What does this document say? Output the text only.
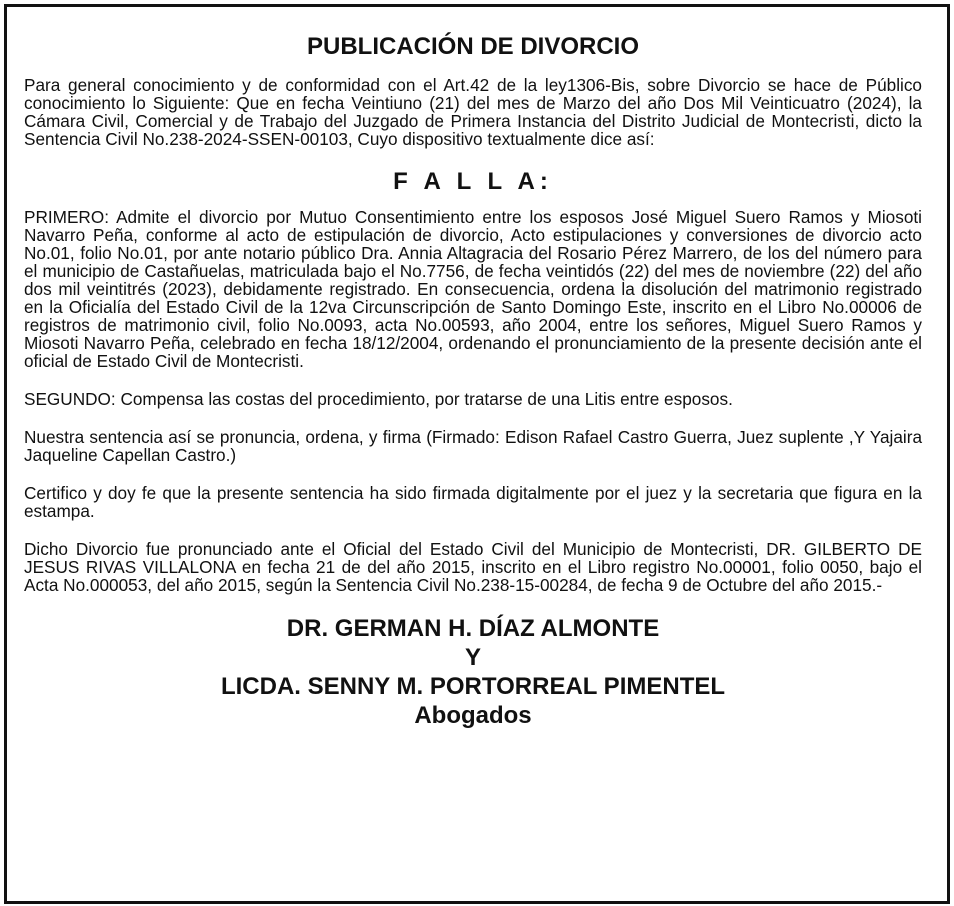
PUBLICACIÓN DE DIVORCIO

Para general conocimiento y de conformidad con el Art.42 de la ley1306-Bis, sobre Divorcio se hace de Público conocimiento lo Siguiente: Que en fecha Veintiuno (21) del mes de Marzo del año Dos Mil Veinticuatro (2024), la Cámara Civil, Comercial y de Trabajo del Juzgado de Primera Instancia del Distrito Judicial de Montecristi, dicto la Sentencia Civil No.238-2024-SSEN-00103, Cuyo dispositivo textualmente dice así:

F A L L A:

PRIMERO: Admite el divorcio por Mutuo Consentimiento entre los esposos José Miguel Suero Ramos y Miosoti Navarro Peña, conforme al acto de estipulación de divorcio, Acto estipulaciones y conversiones de divorcio acto No.01, folio No.01, por ante notario público Dra. Annia Altagracia del Rosario Pérez Marrero, de los del número para el municipio de Castañuelas, matriculada bajo el No.7756, de fecha veintidós (22) del mes de noviembre (22) del año dos mil veintitrés (2023), debidamente registrado. En consecuencia, ordena la disolución del matrimonio registrado en la Oficialía del Estado Civil de la 12va Circunscripción de Santo Domingo Este, inscrito en el Libro No.00006 de registros de matrimonio civil, folio No.0093, acta No.00593, año 2004, entre los señores, Miguel Suero Ramos y Miosoti Navarro Peña, celebrado en fecha 18/12/2004, ordenando el pronunciamiento de la presente decisión ante el oficial de Estado Civil de Montecristi.

SEGUNDO: Compensa las costas del procedimiento, por tratarse de una Litis entre esposos.

Nuestra sentencia así se pronuncia, ordena, y firma (Firmado: Edison Rafael Castro Guerra, Juez suplente ,Y Yajaira Jaqueline Capellan Castro.)

Certifico y doy fe que la presente sentencia ha sido firmada digitalmente por el juez y la secretaria que figura en la estampa.

Dicho Divorcio fue pronunciado ante el Oficial del Estado Civil del Municipio de Montecristi, DR. GILBERTO DE JESUS RIVAS VILLALONA en fecha 21 de del año 2015, inscrito en el Libro registro No.00001, folio 0050, bajo el Acta No.000053, del año 2015, según la Sentencia Civil No.238-15-00284, de fecha 9 de Octubre del año 2015.-

DR. GERMAN H. DÍAZ ALMONTE
Y
LICDA. SENNY M. PORTORREAL PIMENTEL
Abogados
